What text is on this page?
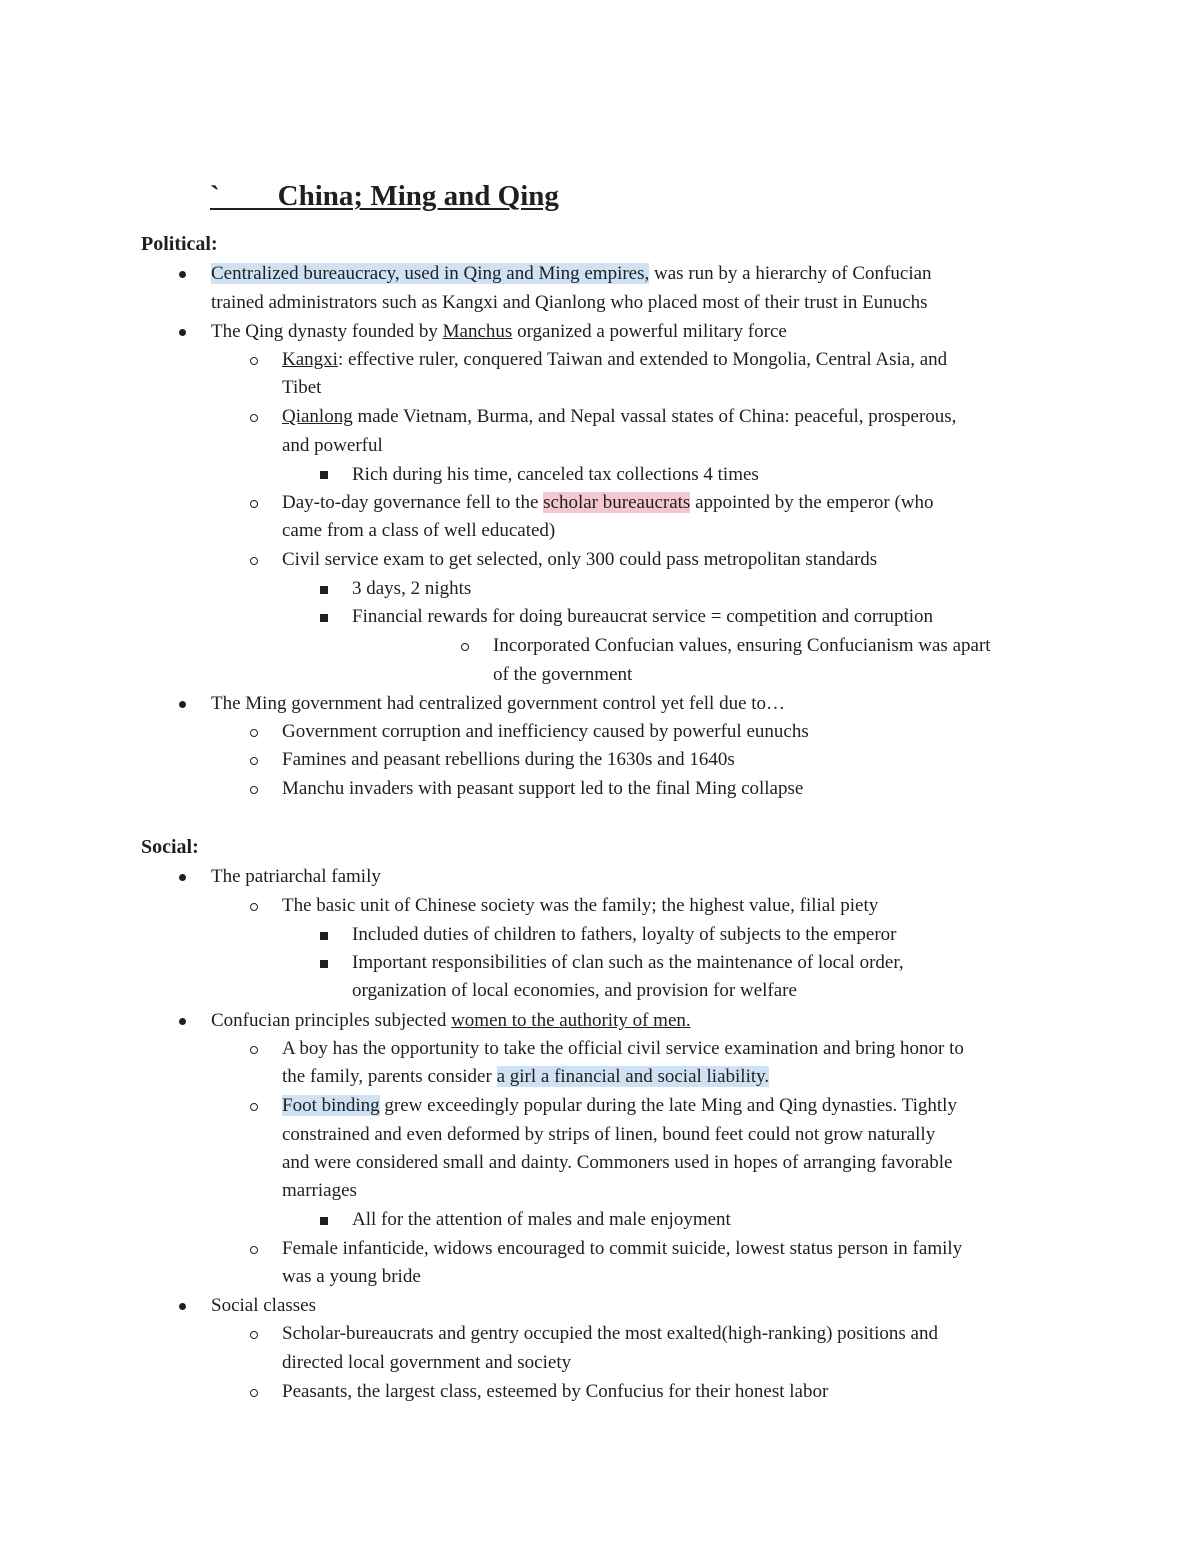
`        China; Ming and Qing
Political:
Centralized bureaucracy, used in Qing and Ming empires, was run by a hierarchy of Confucian
trained administrators such as Kangxi and Qianlong who placed most of their trust in Eunuchs
The Qing dynasty founded by Manchus organized a powerful military force
Kangxi: effective ruler, conquered Taiwan and extended to Mongolia, Central Asia, and
Tibet
Qianlong made Vietnam, Burma, and Nepal vassal states of China: peaceful, prosperous,
and powerful
Rich during his time, canceled tax collections 4 times
Day-to-day governance fell to the scholar bureaucrats appointed by the emperor (who
came from a class of well educated)
Civil service exam to get selected, only 300 could pass metropolitan standards
3 days, 2 nights
Financial rewards for doing bureaucrat service = competition and corruption
Incorporated Confucian values, ensuring Confucianism was apart
of the government
The Ming government had centralized government control yet fell due to…
Government corruption and inefficiency caused by powerful eunuchs
Famines and peasant rebellions during the 1630s and 1640s
Manchu invaders with peasant support led to the final Ming collapse
Social:
The patriarchal family
The basic unit of Chinese society was the family; the highest value, filial piety
Included duties of children to fathers, loyalty of subjects to the emperor
Important responsibilities of clan such as the maintenance of local order,
organization of local economies, and provision for welfare
Confucian principles subjected women to the authority of men.
A boy has the opportunity to take the official civil service examination and bring honor to
the family, parents consider a girl a financial and social liability.
Foot binding grew exceedingly popular during the late Ming and Qing dynasties. Tightly
constrained and even deformed by strips of linen, bound feet could not grow naturally
and were considered small and dainty. Commoners used in hopes of arranging favorable
marriages
All for the attention of males and male enjoyment
Female infanticide, widows encouraged to commit suicide, lowest status person in family
was a young bride
Social classes
Scholar-bureaucrats and gentry occupied the most exalted(high-ranking) positions and
directed local government and society
Peasants, the largest class, esteemed by Confucius for their honest labor
